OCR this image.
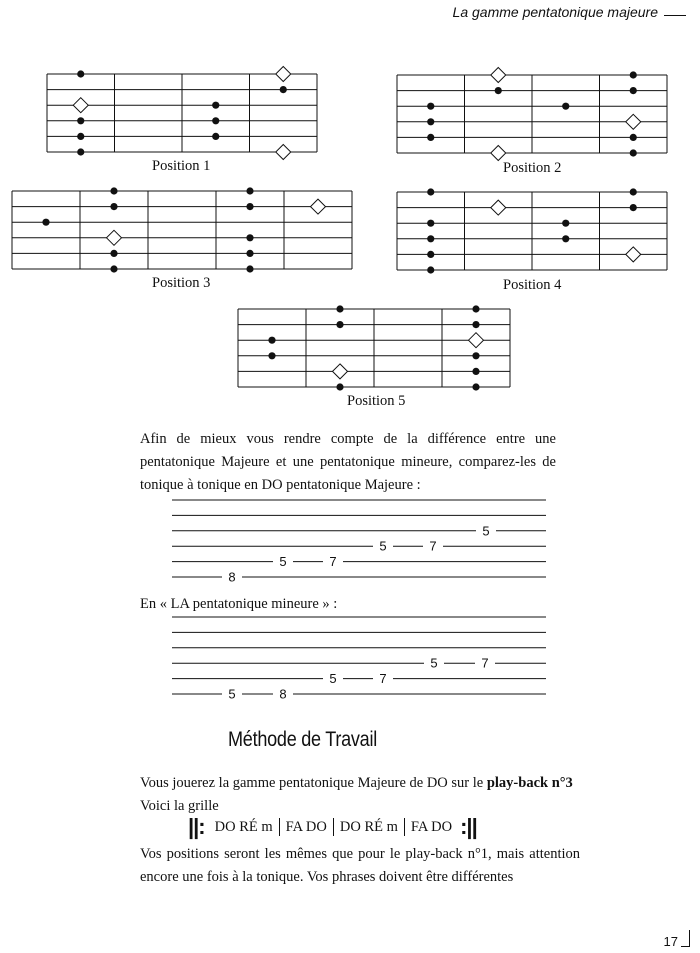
La gamme pentatonique majeure
Position 1	Position 2
Position 3	Position 4
Position 5
Afin de mieux vous rendre compte de la différence entre une pentatonique Majeure et une pentatonique mineure, comparez-les de tonique à tonique en DO pentatonique Majeure :
5
5	7
5	7
8
5	7
5	7
5	8
En « LA pentatonique mineure » :
Méthode de Travail
Vous jouerez la gamme pentatonique Majeure de DO sur le play-back n°3
Voici la grille
||: DO RÉ m FA DO DO RÉ m FA DO :||
Vos positions seront les mêmes que pour le play-back n°1, mais attention encore une fois à la tonique. Vos phrases doivent être différentes
17
